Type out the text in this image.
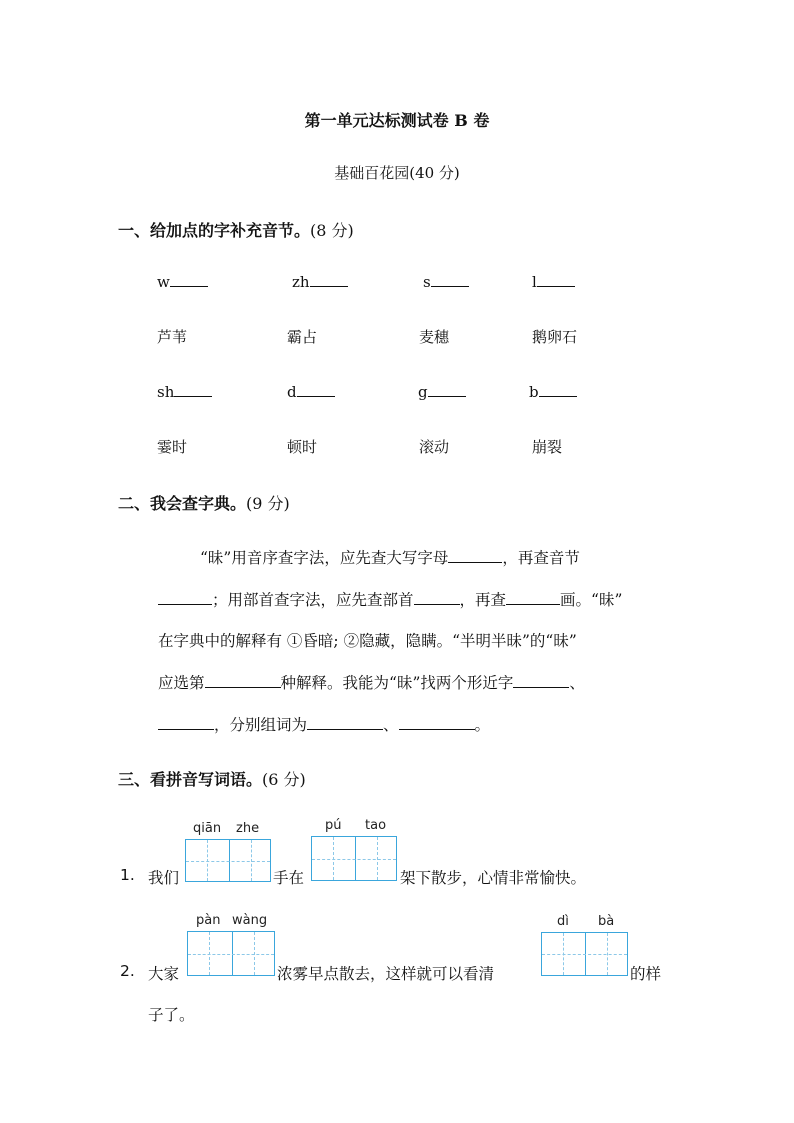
第一单元达标测试卷 B 卷
基础百花园(40 分)
一、给加点的字补充音节。(8 分)
w	zh	s	l
芦苇	霸占	麦穗	鹅卵石
sh	d	g	b
霎时	顿时	滚动	崩裂
二、我会查字典。(9 分)
“昧”用音序查字法，应先查大写字母	，再查音节
；用部首查字法，应先查部首	，再查	画。“昧”
在字典中的解释有 ①昏暗; ②隐藏，隐瞒。“半明半昧”的“昧”
应选第	种解释。我能为“昧”找两个形近字	、
，分别组词为	、	。
三、看拼音写词语。(6 分)
qiān zhe	pú tao
1. 我们	手在	架下散步，心情非常愉快。
pàn wàng	dì bà
2. 大家	浓雾早点散去，这样就可以看清	的样
子了。
